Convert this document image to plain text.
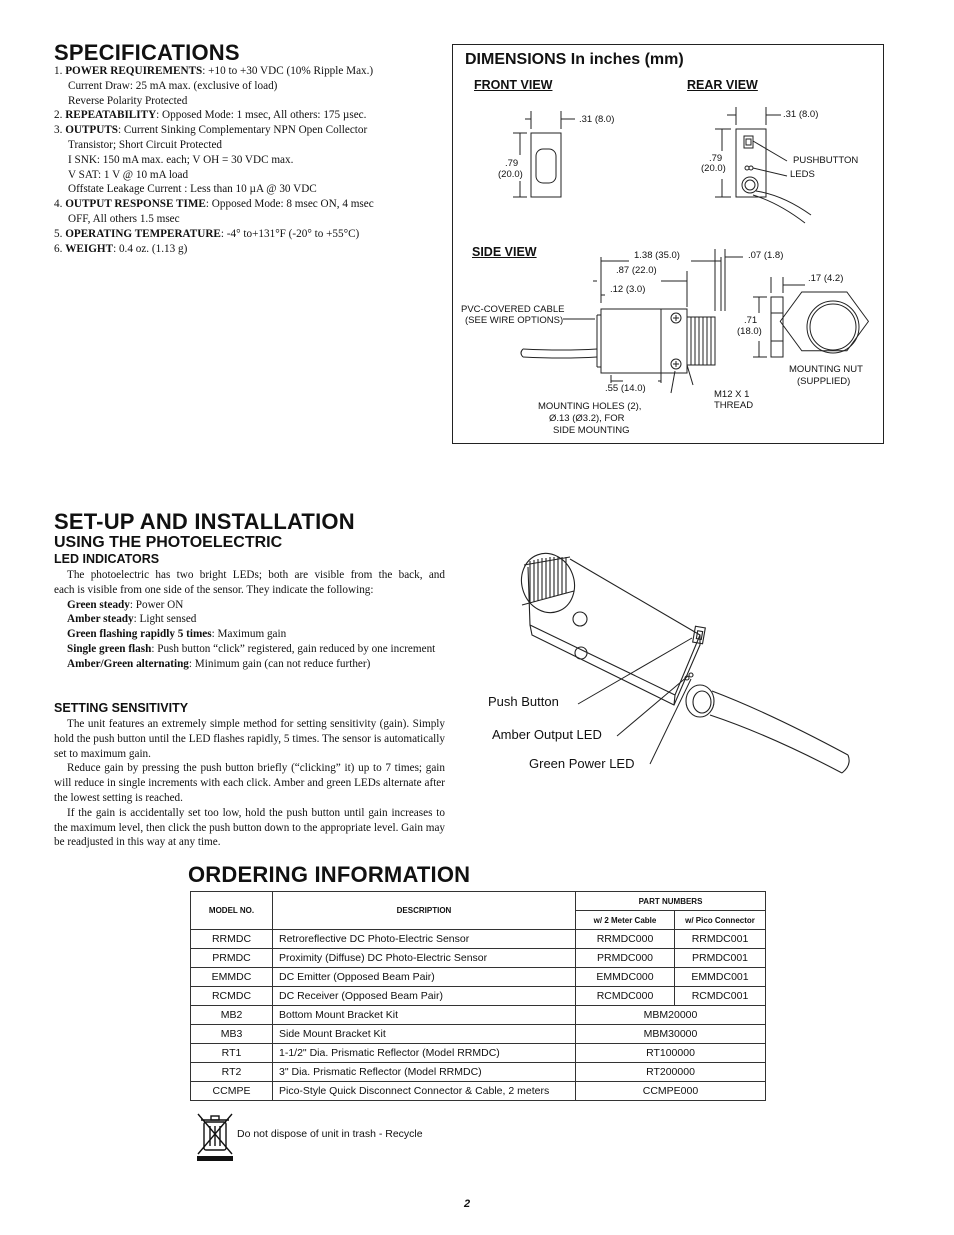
SPECIFICATIONS

1. POWER REQUIREMENTS: +10 to +30 VDC (10% Ripple Max.)

Current Draw: 25 mA max. (exclusive of load)

Reverse Polarity Protected

2. REPEATABILITY: Opposed Mode: 1 msec, All others: 175 µsec.

3. OUTPUTS: Current Sinking Complementary NPN Open Collector

Transistor; Short Circuit Protected

I SNK: 150 mA max. each; V OH = 30 VDC max.

V SAT: 1 V @ 10 mA load

Offstate Leakage Current : Less than 10 µA @ 30 VDC

4. OUTPUT RESPONSE TIME: Opposed Mode: 8 msec ON, 4 msec

OFF, All others 1.5 msec

5. OPERATING TEMPERATURE: -4° to+131°F (-20° to +55°C)

6. WEIGHT: 0.4 oz. (1.13 g)

DIMENSIONS In inches (mm)
FRONT VIEW	REAR VIEW
SIDE VIEW
.31 (8.0)
.79
(20.0)
.31 (8.0)
.79
(20.0)
PUSHBUTTON
LEDS
1.38 (35.0)
.87 (22.0)
.12 (3.0)
.07 (1.8)
.17 (4.2)
.71
(18.0)
.55 (14.0)
PVC-COVERED CABLE
(SEE WIRE OPTIONS)
MOUNTING HOLES (2),
Ø.13 (Ø3.2), FOR
SIDE MOUNTING
M12 X 1
THREAD
MOUNTING NUT
(SUPPLIED)
SET-UP AND INSTALLATION
USING THE PHOTOELECTRIC
LED INDICATORS

The photoelectric has two bright LEDs; both are visible from the back, and

each is visible from one side of the sensor. They indicate the following:

Green steady: Power ON

Amber steady: Light sensed

Green flashing rapidly 5 times: Maximum gain

Single green flash: Push button “click” registered, gain reduced by one increment

Amber/Green alternating: Minimum gain (can not reduce further)

SETTING SENSITIVITY

The unit features an extremely simple method for setting sensitivity (gain). Simply hold the push button until the LED flashes rapidly, 5 times. The sensor is automatically set to maximum gain.

Reduce gain by pressing the push button briefly (“clicking” it) up to 7 times; gain will reduce in single increments with each click. Amber and green LEDs alternate after the lowest setting is reached.

If the gain is accidentally set too low, hold the push button until gain increases to the maximum level, then click the push button down to the appropriate level. Gain may be readjusted in this way at any time.

Push Button
Amber Output LED
Green Power LED
ORDERING INFORMATION
MODEL NO.	DESCRIPTION	PART NUMBERS	
		w/ 2 Meter Cable	w/ Pico Connector
RRMDC	Retroreflective DC Photo-Electric Sensor	RRMDC000	RRMDC001
PRMDC	Proximity (Diffuse) DC Photo-Electric Sensor	PRMDC000	PRMDC001
EMMDC	DC Emitter (Opposed Beam Pair)	EMMDC000	EMMDC001
RCMDC	DC Receiver (Opposed Beam Pair)	RCMDC000	RCMDC001
MB2	Bottom Mount Bracket Kit	MBM20000	
MB3	Side Mount Bracket Kit	MBM30000	
RT1	1-1/2" Dia. Prismatic Reflector (Model RRMDC)	RT100000	
RT2	3" Dia. Prismatic Reflector (Model RRMDC)	RT200000	
CCMPE	Pico-Style Quick Disconnect Connector & Cable, 2 meters	CCMPE000	
Do not dispose of unit in trash - Recycle
2
